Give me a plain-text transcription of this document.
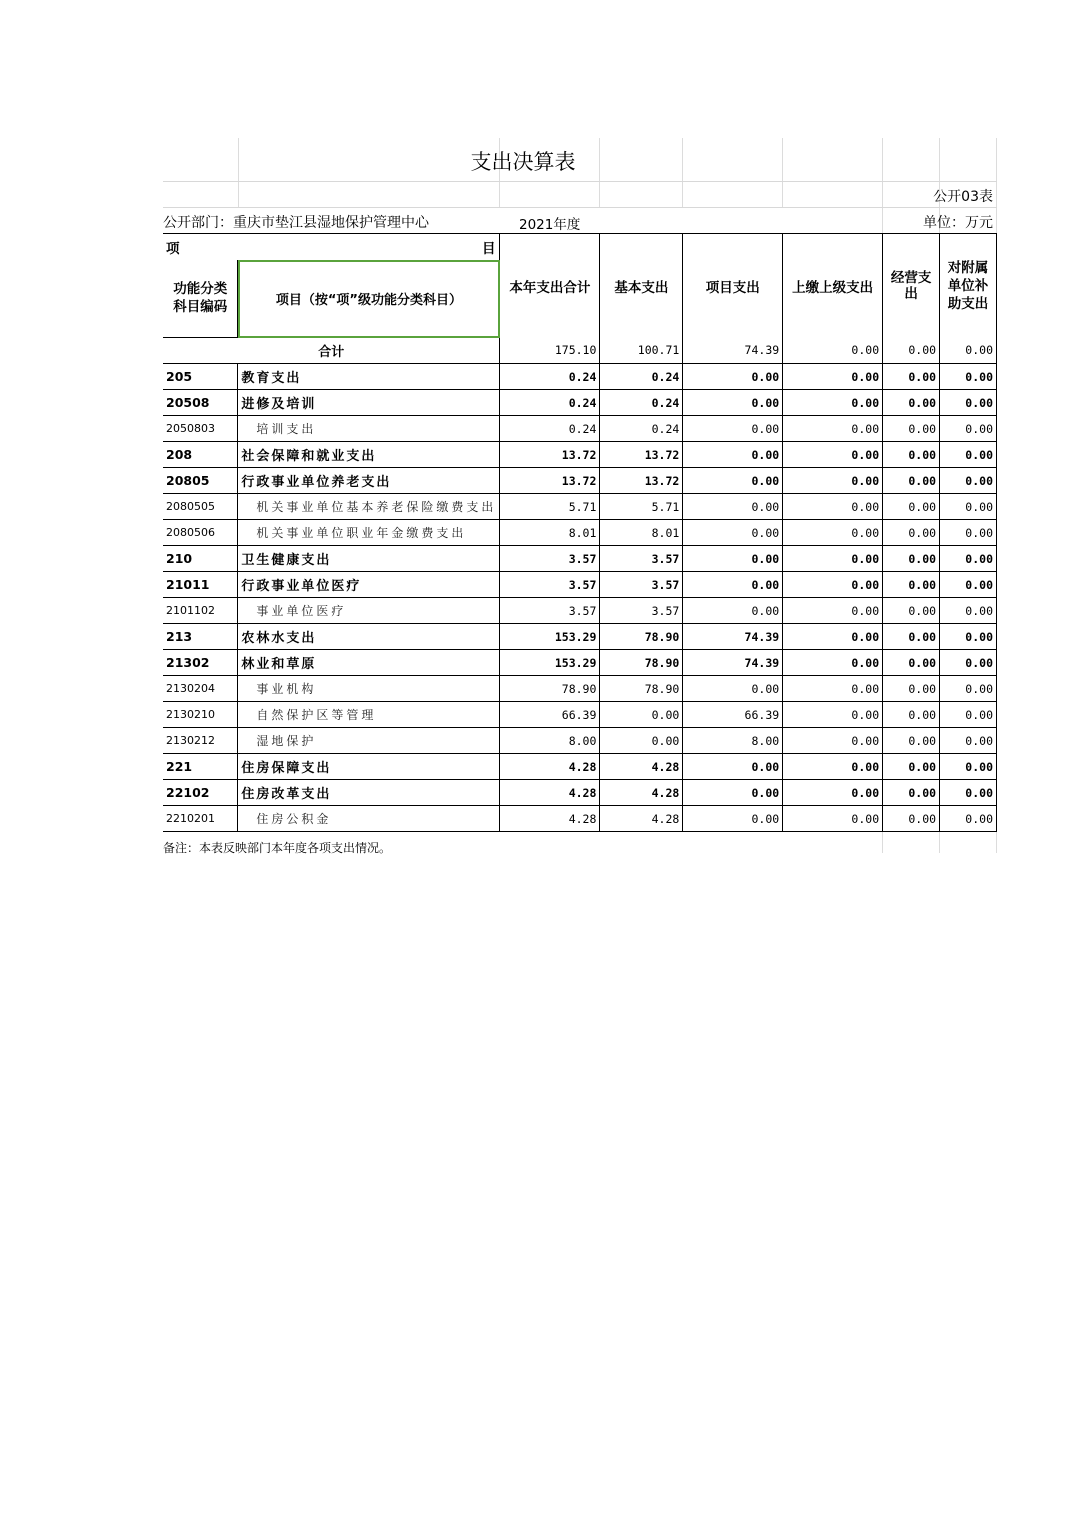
支出决算表
公开03表
公开部门：重庆市垫江县湿地保护管理中心	2021年度	单位：万元
项 目		本年支出合计	基本支出	项目支出	上缴上级支出	经营支出	对附属单位补助支出
功能分类科目编码	项目（按“项”级功能分类科目）						
合计		175.10	100.71	74.39	0.00	0.00	0.00
205	教育支出	0.24	0.24	0.00	0.00	0.00	0.00
20508	进修及培训	0.24	0.24	0.00	0.00	0.00	0.00
2050803	培训支出	0.24	0.24	0.00	0.00	0.00	0.00
208	社会保障和就业支出	13.72	13.72	0.00	0.00	0.00	0.00
20805	行政事业单位养老支出	13.72	13.72	0.00	0.00	0.00	0.00
2080505	机关事业单位基本养老保险缴费支出	5.71	5.71	0.00	0.00	0.00	0.00
2080506	机关事业单位职业年金缴费支出	8.01	8.01	0.00	0.00	0.00	0.00
210	卫生健康支出	3.57	3.57	0.00	0.00	0.00	0.00
21011	行政事业单位医疗	3.57	3.57	0.00	0.00	0.00	0.00
2101102	事业单位医疗	3.57	3.57	0.00	0.00	0.00	0.00
213	农林水支出	153.29	78.90	74.39	0.00	0.00	0.00
21302	林业和草原	153.29	78.90	74.39	0.00	0.00	0.00
2130204	事业机构	78.90	78.90	0.00	0.00	0.00	0.00
2130210	自然保护区等管理	66.39	0.00	66.39	0.00	0.00	0.00
2130212	湿地保护	8.00	0.00	8.00	0.00	0.00	0.00
221	住房保障支出	4.28	4.28	0.00	0.00	0.00	0.00
22102	住房改革支出	4.28	4.28	0.00	0.00	0.00	0.00
2210201	住房公积金	4.28	4.28	0.00	0.00	0.00	0.00
备注：本表反映部门本年度各项支出情况。
